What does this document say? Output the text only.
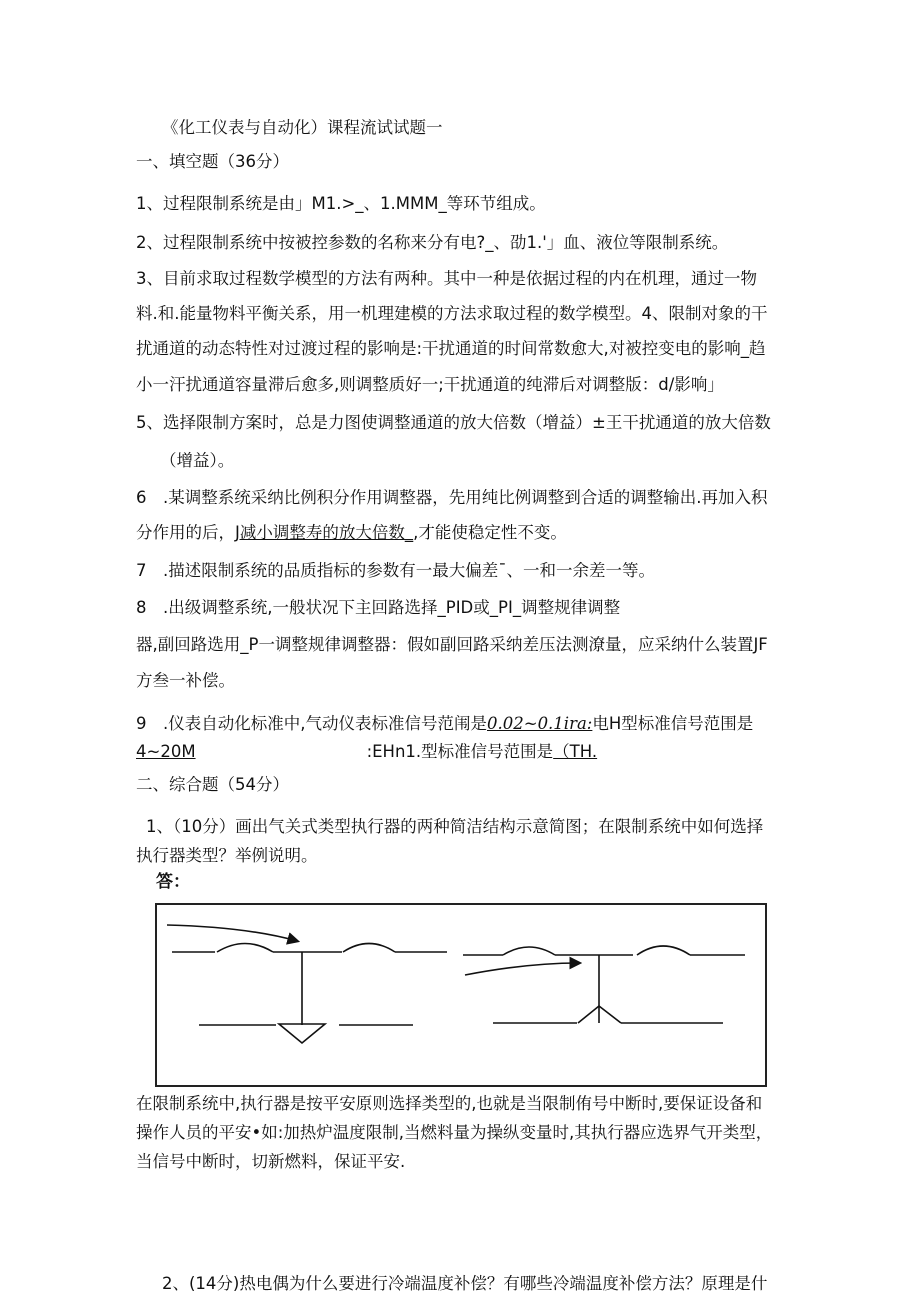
《化工仪表与自动化）课程流试试题一
一、填空题（36分）
1、过程限制系统是由」M1.>_、1.MMM_等环节组成。
2、过程限制系统中按被控参数的名称来分有电?_、劭1.'」血、液位等限制系统。
3、目前求取过程数学模型的方法有两种。其中一种是依据过程的内在机理，通过一物
料.和.能量物料平衡关系，用一机理建模的方法求取过程的数学模型。4、限制对象的干
扰通道的动态特性对过渡过程的影响是:干扰通道的时间常数愈大,对被控变电的影响_趋
小一汗扰通道容量滞后愈多,则调整质好一;干扰通道的纯滞后对调整版：d/影响」
5、选择限制方案时，总是力图使调整通道的放大倍数（增益）±王干扰通道的放大倍数
（增益）。
6　.某调整系统采纳比例积分作用调整器，先用纯比例调整到合适的调整输出.再加入积
分作用的后，J减小调整寿的放大倍数_,才能使稳定性不变。
7　.描述限制系统的品质指标的参数有一最大偏差ˉ、一和一余差一等。
8　.出级调整系统,一般状况下主回路选择_PID或_PI_调整规律调整
器,副回路选用_P一调整规律调整器：假如副回路采纳差压法测潦量，应采纳什么装置JF
方叁一补偿。
9　.仪表自动化标准中,气动仪表标准信号范闱是0.02~0.1ira:电H型标准信号范围是
4~20M	:EHn1.型标准信号范围是（TH.
二、综合题（54分）
1、（10分）画出气关式类型执行器的两种简洁结构示意简图；在限制系统中如何选择
执行器类型？举例说明。
答：
在限制系统中,执行器是按平安原则选择类型的,也就是当限制侑号中断时,要保证设备和
操作人员的平安•如:加热炉温度限制,当燃料量为操纵变量时,其执行器应选界气开类型，
当信号中断时，切新燃料，保证平安.
2、(14分)热电偶为什么要进行冷端温度补偿？有哪些冷端温度补偿方法？原理是什
